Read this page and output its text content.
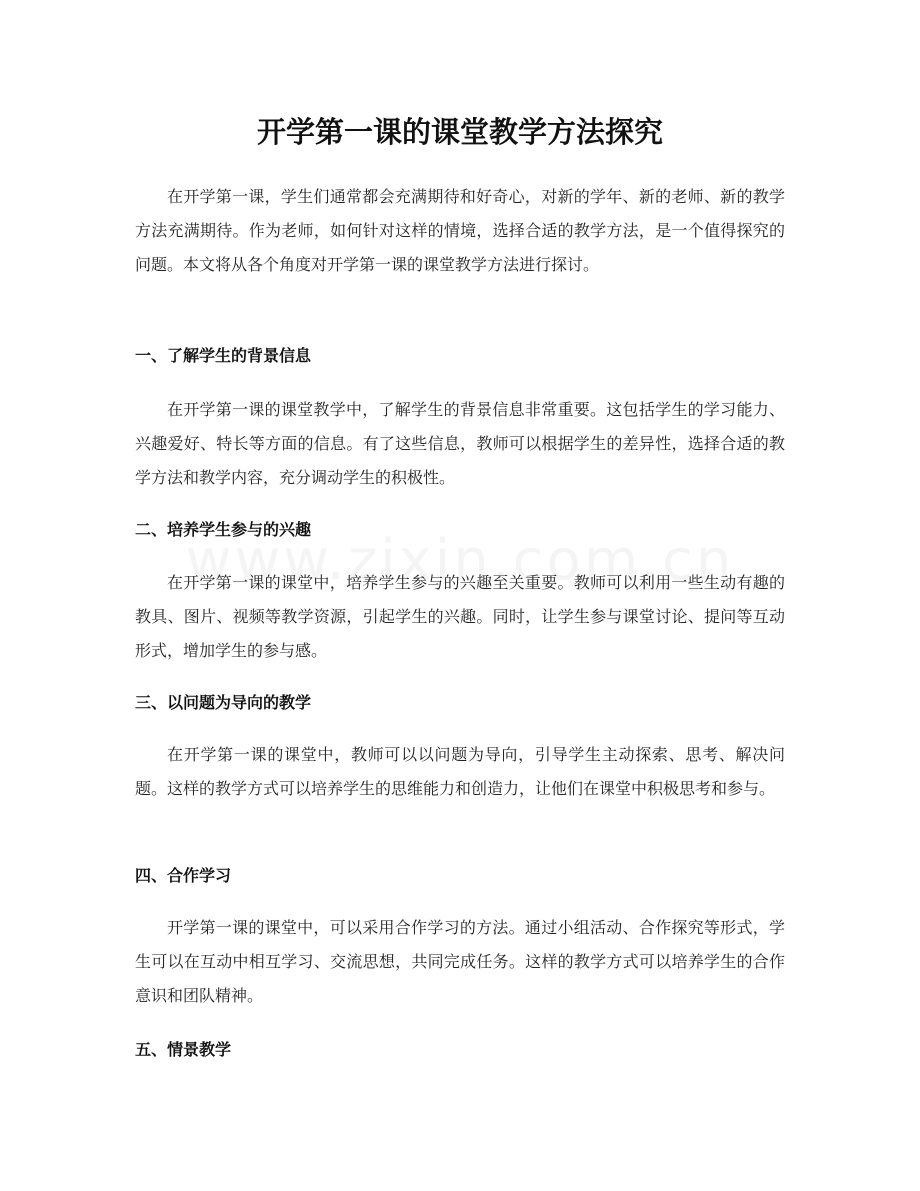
开学第一课的课堂教学方法探究

在开学第一课，学生们通常都会充满期待和好奇心，对新的学年、新的老师、新的教学方法充满期待。作为老师，如何针对这样的情境，选择合适的教学方法，是一个值得探究的问题。本文将从各个角度对开学第一课的课堂教学方法进行探讨。

一、了解学生的背景信息

在开学第一课的课堂教学中，了解学生的背景信息非常重要。这包括学生的学习能力、兴趣爱好、特长等方面的信息。有了这些信息，教师可以根据学生的差异性，选择合适的教学方法和教学内容，充分调动学生的积极性。

二、培养学生参与的兴趣

在开学第一课的课堂中，培养学生参与的兴趣至关重要。教师可以利用一些生动有趣的教具、图片、视频等教学资源，引起学生的兴趣。同时，让学生参与课堂讨论、提问等互动形式，增加学生的参与感。

三、以问题为导向的教学

在开学第一课的课堂中，教师可以以问题为导向，引导学生主动探索、思考、解决问题。这样的教学方式可以培养学生的思维能力和创造力，让他们在课堂中积极思考和参与。

四、合作学习

开学第一课的课堂中，可以采用合作学习的方法。通过小组活动、合作探究等形式，学生可以在互动中相互学习、交流思想，共同完成任务。这样的教学方式可以培养学生的合作意识和团队精神。

五、情景教学
